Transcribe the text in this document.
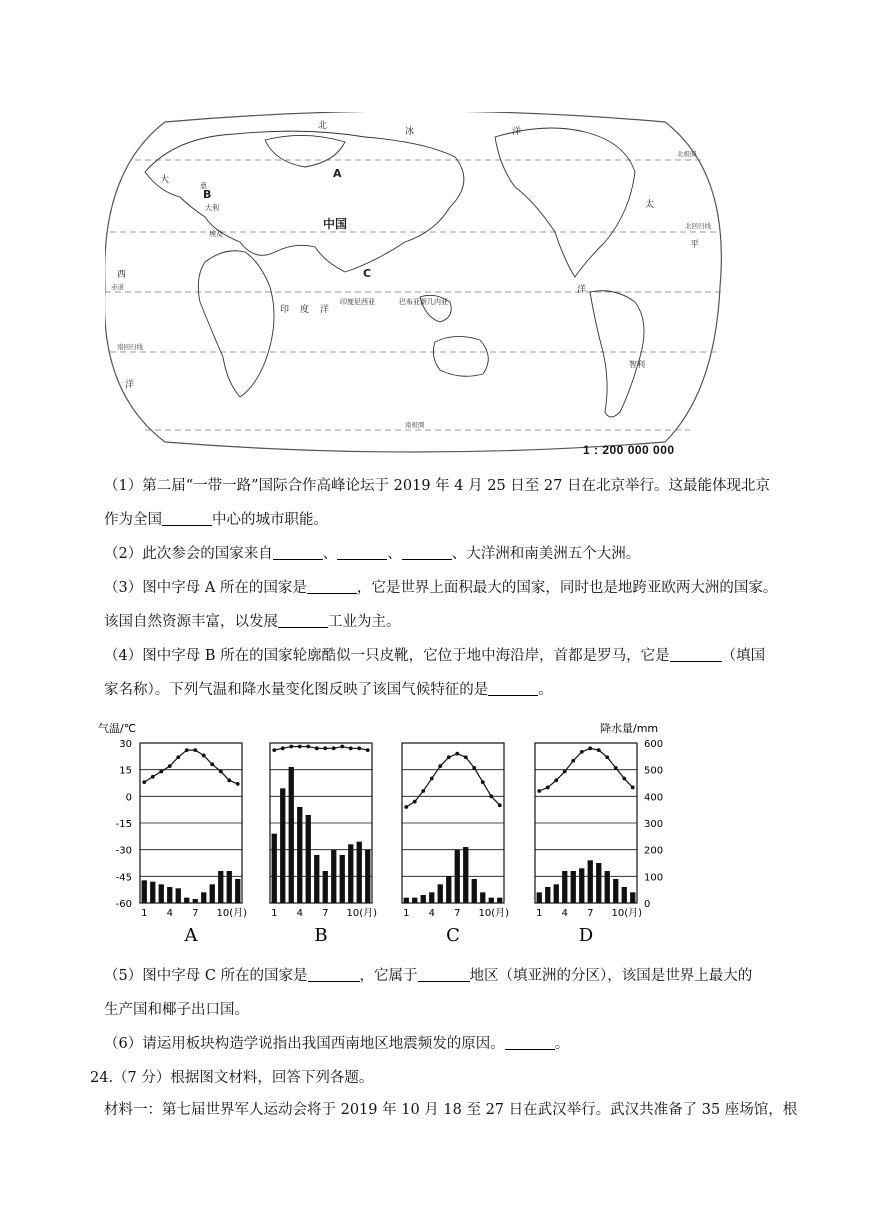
北
冰	洋
大
西
洋
印 度 洋
太
平
洋
A
B
C
中国
印度尼西亚	巴布亚新几内亚
智利
意
大利
埃及
北极圈
北回归线
赤道
南回归线
南极圈
1 : 200 000 000
（1）第二届“一带一路”国际合作高峰论坛于 2019 年 4 月 25 日至 27 日在北京举行。这最能体现北京
作为全国	中心的城市职能。
（2）此次参会的国家来自	、	、	、大洋洲和南美洲五个大洲。
（3）图中字母 A 所在的国家是	，它是世界上面积最大的国家，同时也是地跨亚欧两大洲的国家。
该国自然资源丰富，以发展	工业为主。
（4）图中字母 B 所在的国家轮廓酷似一只皮靴，它位于地中海沿岸，首都是罗马，它是	（填国
家名称）。下列气温和降水量变化图反映了该国气候特征的是	。
气温/℃	降水量/mm
30
15
0
-15
-30
-45
-60
600
500
400
300
200
100
0
1 4 7 10(月)
A
1 4 7 10(月)
B
1 4 7 10(月)
C
1 4 7 10(月)
D
（5）图中字母 C 所在的国家是	，它属于	地区（填亚洲的分区），该国是世界上最大的
生产国和椰子出口国。
（6）请运用板块构造学说指出我国西南地区地震频发的原因。	。
24.（7 分）根据图文材料，回答下列各题。
材料一：第七届世界军人运动会将于 2019 年 10 月 18 至 27 日在武汉举行。武汉共准备了 35 座场馆，根
